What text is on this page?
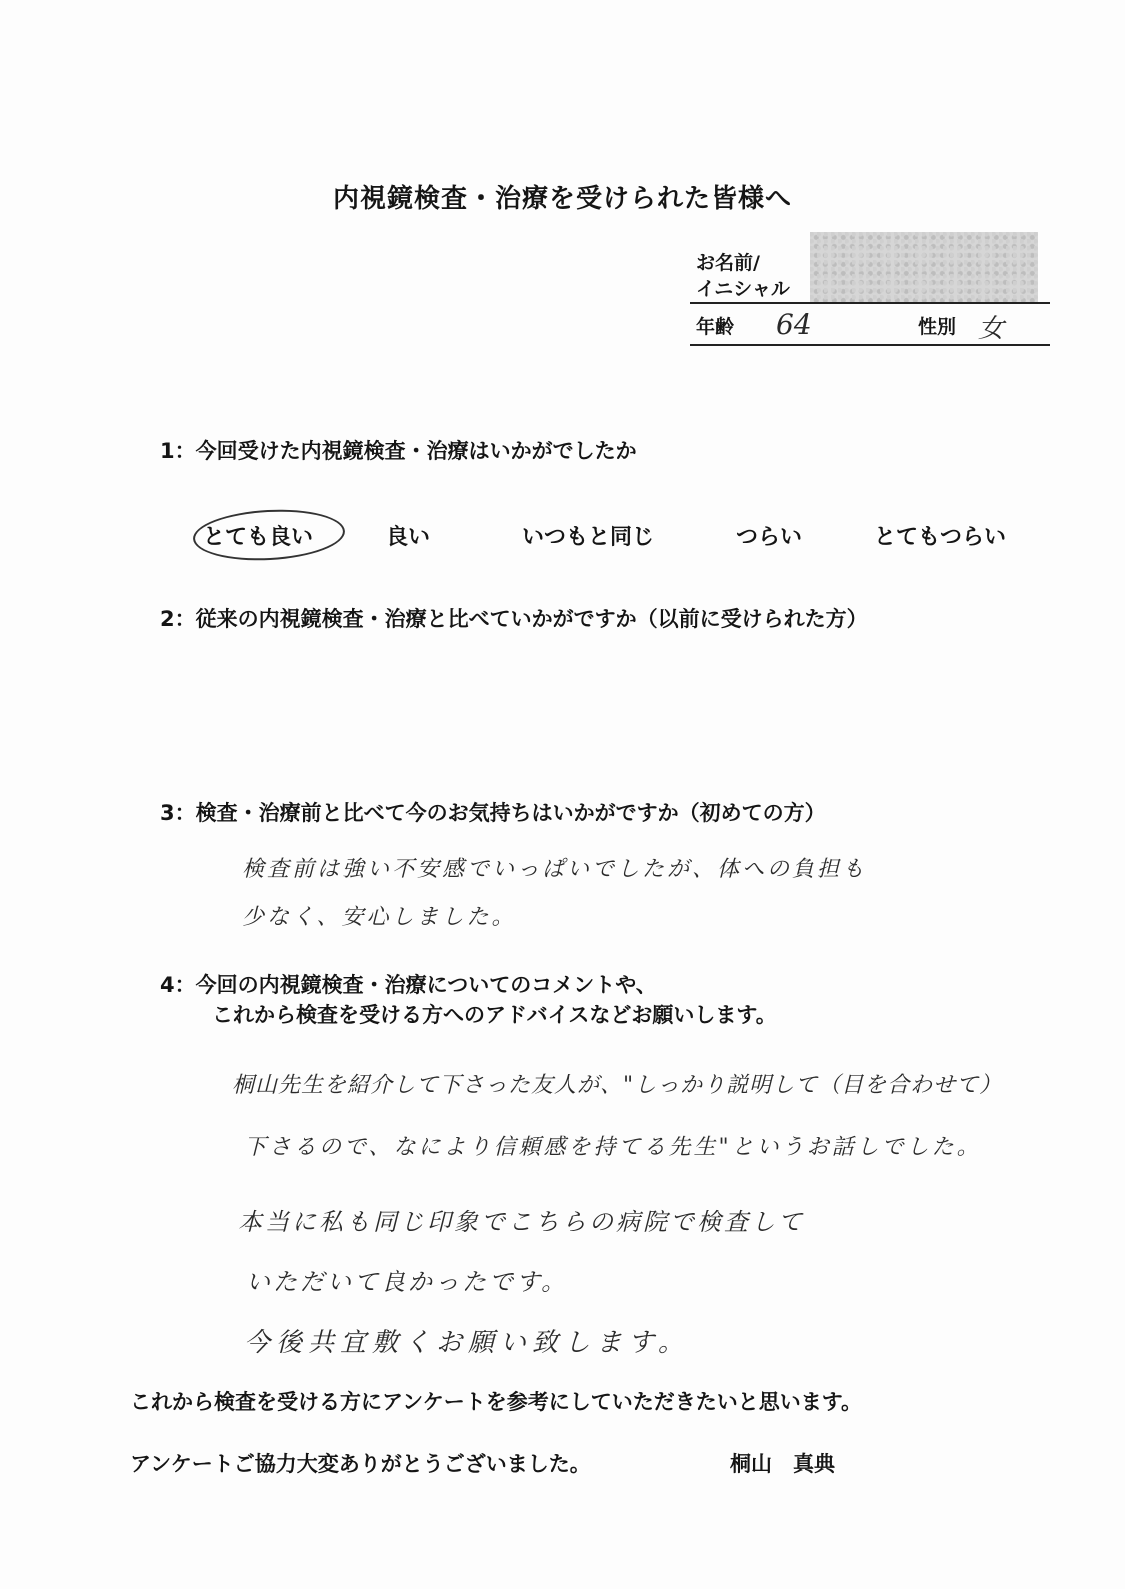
内視鏡検査・治療を受けられた皆様へ
お名前/
イニシャル
年齢 64	性別 女
1：今回受けた内視鏡検査・治療はいかがでしたか
とても良い	良い	いつもと同じ	つらい	とてもつらい
2：従来の内視鏡検査・治療と比べていかがですか（以前に受けられた方）
3：検査・治療前と比べて今のお気持ちはいかがですか（初めての方）
検査前は強い不安感でいっぱいでしたが、体への負担も
少なく、安心しました。
4：今回の内視鏡検査・治療についてのコメントや、
これから検査を受ける方へのアドバイスなどお願いします。
桐山先生を紹介して下さった友人が、"しっかり説明して（目を合わせて）
下さるので、なにより信頼感を持てる先生"というお話しでした。
本当に私も同じ印象でこちらの病院で検査して
いただいて良かったです。
今後共宜敷くお願い致します。
これから検査を受ける方にアンケートを参考にしていただきたいと思います。
アンケートご協力大変ありがとうございました。	桐山　真典
